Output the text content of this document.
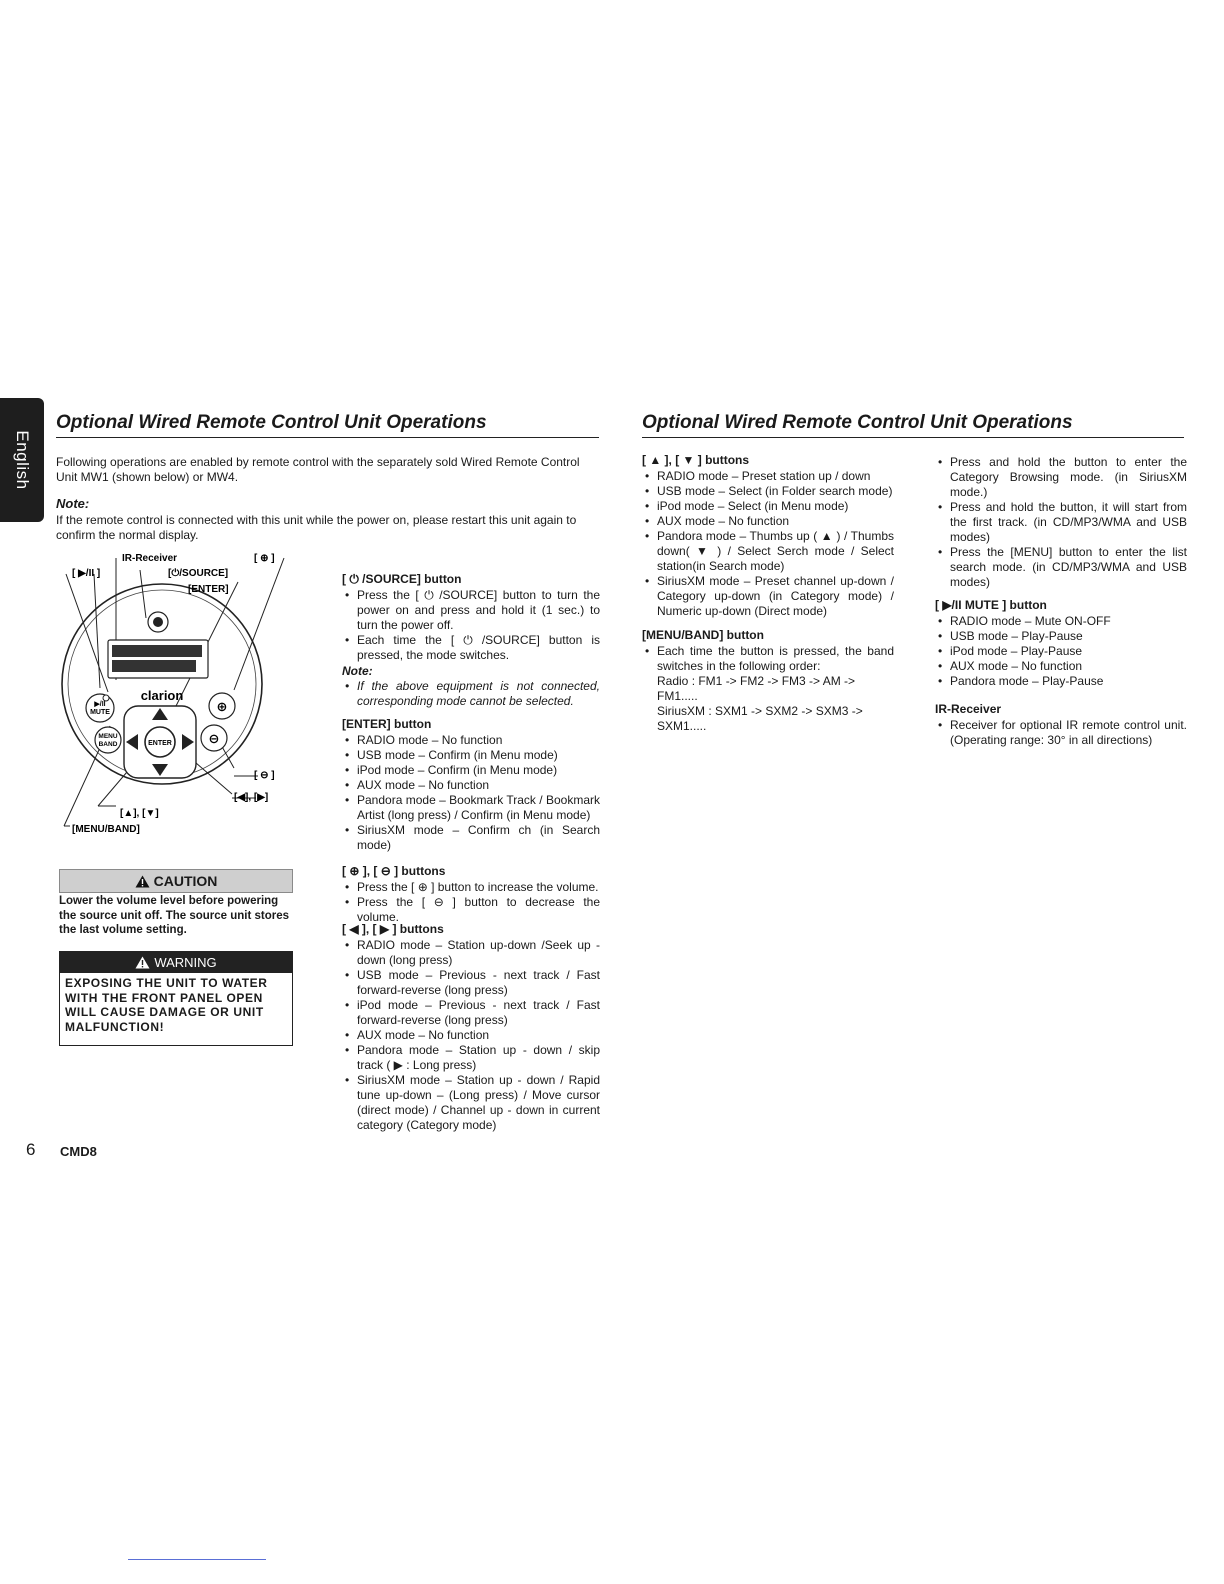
English
Optional Wired Remote Control Unit Operations
Following operations are enabled by remote control with the separately sold Wired Remote Control Unit MW1 (shown below) or MW4.
Note:
If the remote control is connected with this unit while the power on, please restart this unit again to confirm the normal display.
clarion
▶/II
MUTE	⊕
MENU
BAND	⊖
ENTER
IR-Receiver
[ ▶/II ]	[⏻/SOURCE]
[ENTER]
[ ⊕ ]
[ ⊖ ]
[◀], [▶]
[▲], [▼]
[MENU/BAND]
CAUTION
Lower the volume level before powering the source unit off. The source unit stores the last volume setting.
WARNING
EXPOSING THE UNIT TO WATER WITH THE FRONT PANEL OPEN WILL CAUSE DAMAGE OR UNIT MALFUNCTION!
6 CMD8
[ ⏻ /SOURCE] button
• Press the [ ⏻ /SOURCE] button to turn the power on and press and hold it (1 sec.) to turn the power off.
• Each time the [ ⏻ /SOURCE] button is pressed, the mode switches.
Note:
• If the above equipment is not connected, corresponding mode cannot be selected.
[ENTER] button
• RADIO mode – No function
• USB mode – Confirm (in Menu mode)
• iPod mode – Confirm (in Menu mode)
• AUX mode – No function
• Pandora mode – Bookmark Track / Bookmark Artist (long press) / Confirm (in Menu mode)
• SiriusXM mode – Confirm ch (in Search mode)
[ ⊕ ], [ ⊖ ] buttons
• Press the [ ⊕ ] button to increase the volume.
• Press the [ ⊖ ] button to decrease the volume.
[ ◀ ], [ ▶ ] buttons
• RADIO mode – Station up-down /Seek up - down (long press)
• USB mode – Previous - next track / Fast forward-reverse (long press)
• iPod mode – Previous - next track / Fast forward-reverse (long press)
• AUX mode – No function
• Pandora mode – Station up - down / skip track ( ▶ : Long press)
• SiriusXM mode – Station up - down / Rapid tune up-down – (Long press) / Move cursor (direct mode) / Channel up - down in current category (Category mode)
Optional Wired Remote Control Unit Operations
[ ▲ ], [ ▼ ] buttons
• RADIO mode – Preset station up / down
• USB mode – Select (in Folder search mode)
• iPod mode – Select (in Menu mode)
• AUX mode – No function
• Pandora mode – Thumbs up ( ▲ ) / Thumbs down( ▼ ) / Select Serch mode / Select station(in Search mode)
• SiriusXM mode – Preset channel up-down / Category up-down (in Category mode) / Numeric up-down (Direct mode)
[MENU/BAND] button
• Each time the button is pressed, the band switches in the following order:
Radio : FM1 -> FM2 -> FM3 -> AM -> FM1.....
SiriusXM : SXM1 -> SXM2 -> SXM3 -> SXM1.....
• Press and hold the button to enter the Category Browsing mode. (in SiriusXM mode.)
• Press and hold the button, it will start from the first track. (in CD/MP3/WMA and USB modes)
• Press the [MENU] button to enter the list search mode. (in CD/MP3/WMA and USB modes)
[ ▶/II MUTE ] button
• RADIO mode – Mute ON-OFF
• USB mode – Play-Pause
• iPod mode – Play-Pause
• AUX mode – No function
• Pandora mode – Play-Pause
IR-Receiver
• Receiver for optional IR remote control unit. (Operating range: 30° in all directions)
